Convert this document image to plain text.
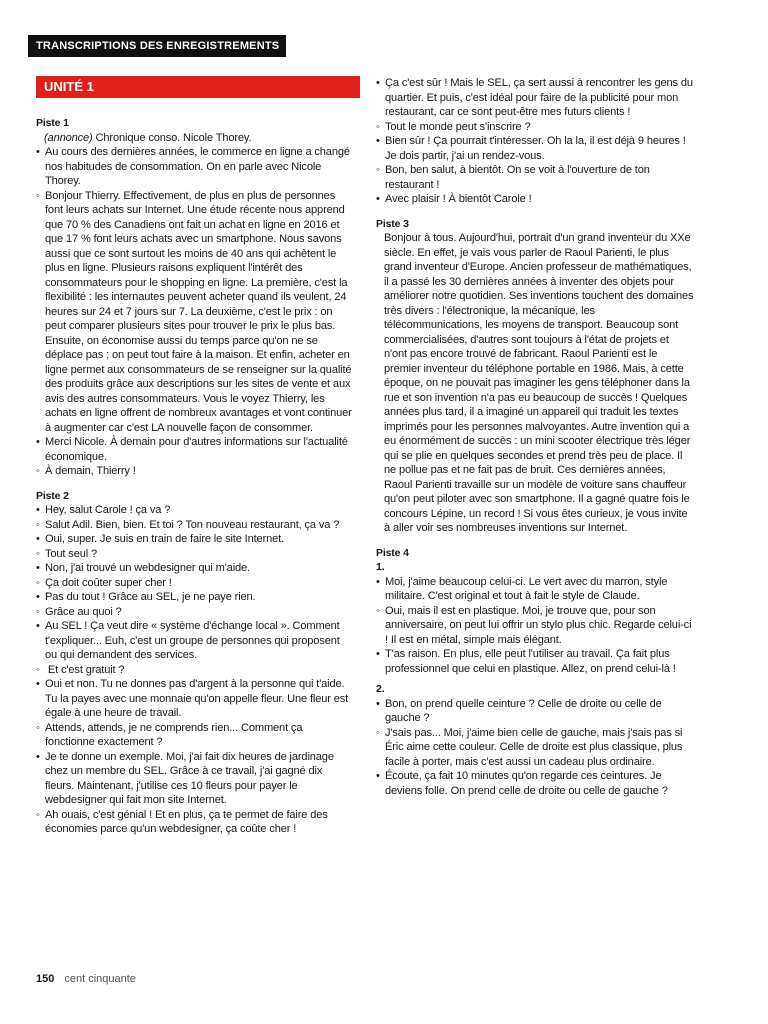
TRANSCRIPTIONS DES ENREGISTREMENTS
UNITÉ 1
Piste 1
(annonce) Chronique conso. Nicole Thorey.
• Au cours des dernières années, le commerce en ligne a changé nos habitudes de consommation. On en parle avec Nicole Thorey.
◦ Bonjour Thierry. Effectivement, de plus en plus de personnes font leurs achats sur Internet. Une étude récente nous apprend que 70 % des Canadiens ont fait un achat en ligne en 2016 et que 17 % font leurs achats avec un smartphone. Nous savons aussi que ce sont surtout les moins de 40 ans qui achètent le plus en ligne. Plusieurs raisons expliquent l'intérêt des consommateurs pour le shopping en ligne. La première, c'est la flexibilité : les internautes peuvent acheter quand ils veulent, 24 heures sur 24 et 7 jours sur 7. La deuxième, c'est le prix : on peut comparer plusieurs sites pour trouver le prix le plus bas. Ensuite, on économise aussi du temps parce qu'on ne se déplace pas ; on peut tout faire à la maison. Et enfin, acheter en ligne permet aux consommateurs de se renseigner sur la qualité des produits grâce aux descriptions sur les sites de vente et aux avis des autres consommateurs. Vous le voyez Thierry, les achats en ligne offrent de nombreux avantages et vont continuer à augmenter car c'est LA nouvelle façon de consommer.
• Merci Nicole. À demain pour d'autres informations sur l'actualité économique.
◦ À demain, Thierry !
Piste 2
• Hey, salut Carole ! ça va ?
◦ Salut Adil. Bien, bien. Et toi ? Ton nouveau restaurant, ça va ?
• Oui, super. Je suis en train de faire le site Internet.
◦ Tout seul ?
• Non, j'ai trouvé un webdesigner qui m'aide.
◦ Ça doit coûter super cher !
• Pas du tout ! Grâce au SEL, je ne paye rien.
◦ Grâce au quoi ?
• Au SEL ! Ça veut dire « système d'échange local ». Comment t'expliquer... Euh, c'est un groupe de personnes qui proposent ou qui demandent des services.
◦ Et c'est gratuit ?
• Oui et non. Tu ne donnes pas d'argent à la personne qui t'aide. Tu la payes avec une monnaie qu'on appelle fleur. Une fleur est égale à une heure de travail.
◦ Attends, attends, je ne comprends rien... Comment ça fonctionne exactement ?
• Je te donne un exemple. Moi, j'ai fait dix heures de jardinage chez un membre du SEL. Grâce à ce travail, j'ai gagné dix fleurs. Maintenant, j'utilise ces 10 fleurs pour payer le webdesigner qui fait mon site Internet.
◦ Ah ouais, c'est génial ! Et en plus, ça te permet de faire des économies parce qu'un webdesigner, ça coûte cher !
• Ça c'est sûr ! Mais le SEL, ça sert aussi à rencontrer les gens du quartier. Et puis, c'est idéal pour faire de la publicité pour mon restaurant, car ce sont peut-être mes futurs clients !
◦ Tout le monde peut s'inscrire ?
• Bien sûr ! Ça pourrait t'intéresser. Oh la la, il est déjà 9 heures ! Je dois partir, j'ai un rendez-vous.
◦ Bon, ben salut, à bientôt. On se voit à l'ouverture de ton restaurant !
• Avec plaisir ! À bientôt Carole !
Piste 3
Bonjour à tous. Aujourd'hui, portrait d'un grand inventeur du XXe siècle. En effet, je vais vous parler de Raoul Parienti, le plus grand inventeur d'Europe. Ancien professeur de mathématiques, il a passé les 30 dernières années à inventer des objets pour améliorer notre quotidien. Ses inventions touchent des domaines très divers : l'électronique, la mécanique, les télécommunications, les moyens de transport. Beaucoup sont commercialisées, d'autres sont toujours à l'état de projets et n'ont pas encore trouvé de fabricant. Raoul Parienti est le premier inventeur du téléphone portable en 1986. Mais, à cette époque, on ne pouvait pas imaginer les gens téléphoner dans la rue et son invention n'a pas eu beaucoup de succès ! Quelques années plus tard, il a imaginé un appareil qui traduit les textes imprimés pour les personnes malvoyantes. Autre invention qui a eu énormément de succès : un mini scooter électrique très léger qui se plie en quelques secondes et prend très peu de place. Il ne pollue pas et ne fait pas de bruit. Ces dernières années, Raoul Parienti travaille sur un modèle de voiture sans chauffeur qu'on peut piloter avec son smartphone. Il a gagné quatre fois le concours Lépine, un record ! Si vous êtes curieux, je vous invite à aller voir ses nombreuses inventions sur Internet.
Piste 4
1.
• Moi, j'aime beaucoup celui-ci. Le vert avec du marron, style militaire. C'est original et tout à fait le style de Claude.
◦ Oui, mais il est en plastique. Moi, je trouve que, pour son anniversaire, on peut lui offrir un stylo plus chic. Regarde celui-ci ! Il est en métal, simple mais élégant.
• T'as raison. En plus, elle peut l'utiliser au travail. Ça fait plus professionnel que celui en plastique. Allez, on prend celui-là !
2.
• Bon, on prend quelle ceinture ? Celle de droite ou celle de gauche ?
◦ J'sais pas... Moi, j'aime bien celle de gauche, mais j'sais pas si Éric aime cette couleur. Celle de droite est plus classique, plus facile à porter, mais c'est aussi un cadeau plus ordinaire.
• Écoute, ça fait 10 minutes qu'on regarde ces ceintures. Je deviens folle. On prend celle de droite ou celle de gauche ?
150 cent cinquante
